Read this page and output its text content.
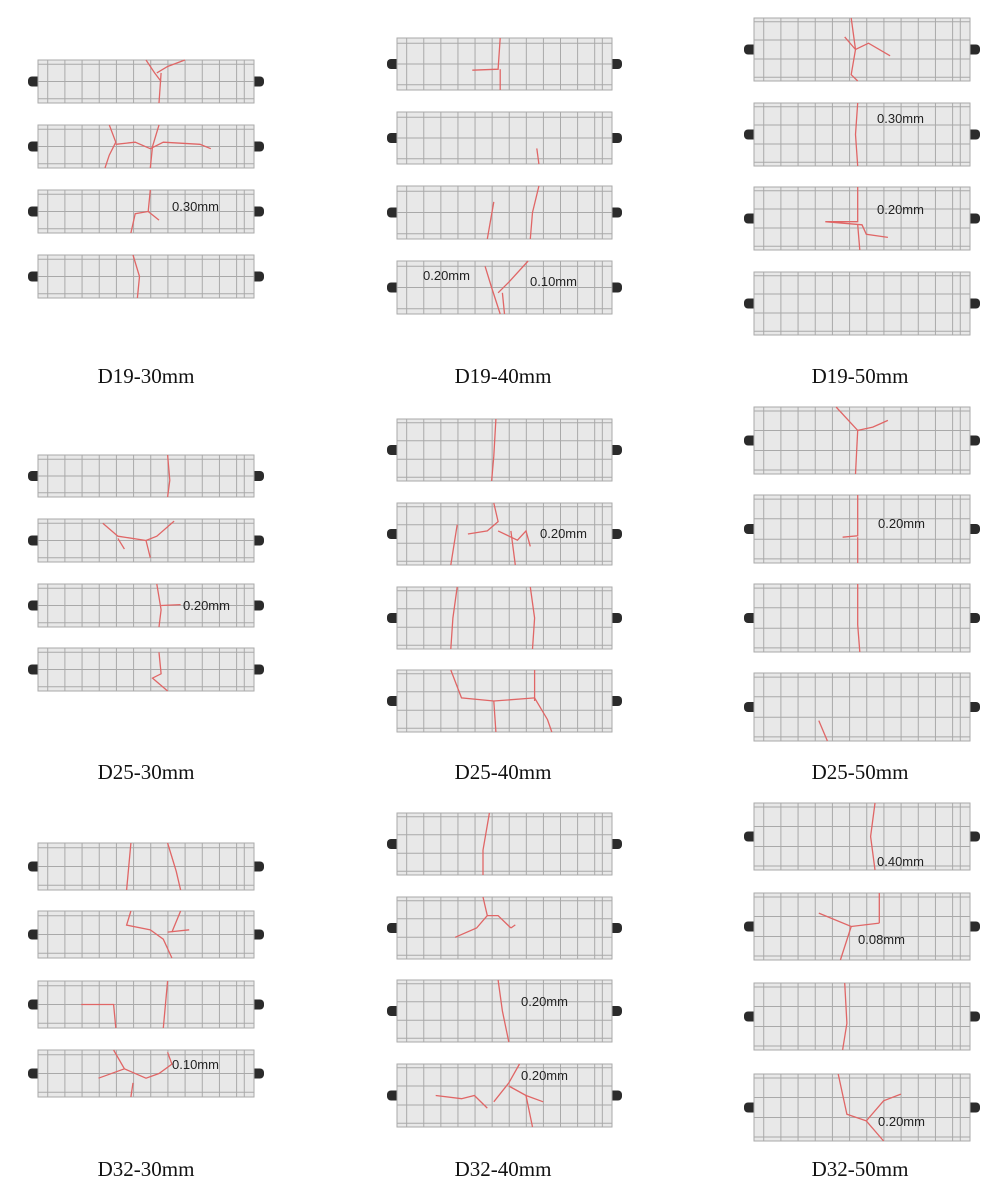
D19-30mm	D19-40mm	D19-50mm
D25-30mm	D25-40mm	D25-50mm
D32-30mm	D32-40mm	D32-50mm
0.30mm
0.20mm	0.10mm
0.30mm
0.20mm
0.20mm
0.20mm
0.20mm
0.10mm
0.20mm
0.20mm
0.40mm
0.08mm
0.20mm
